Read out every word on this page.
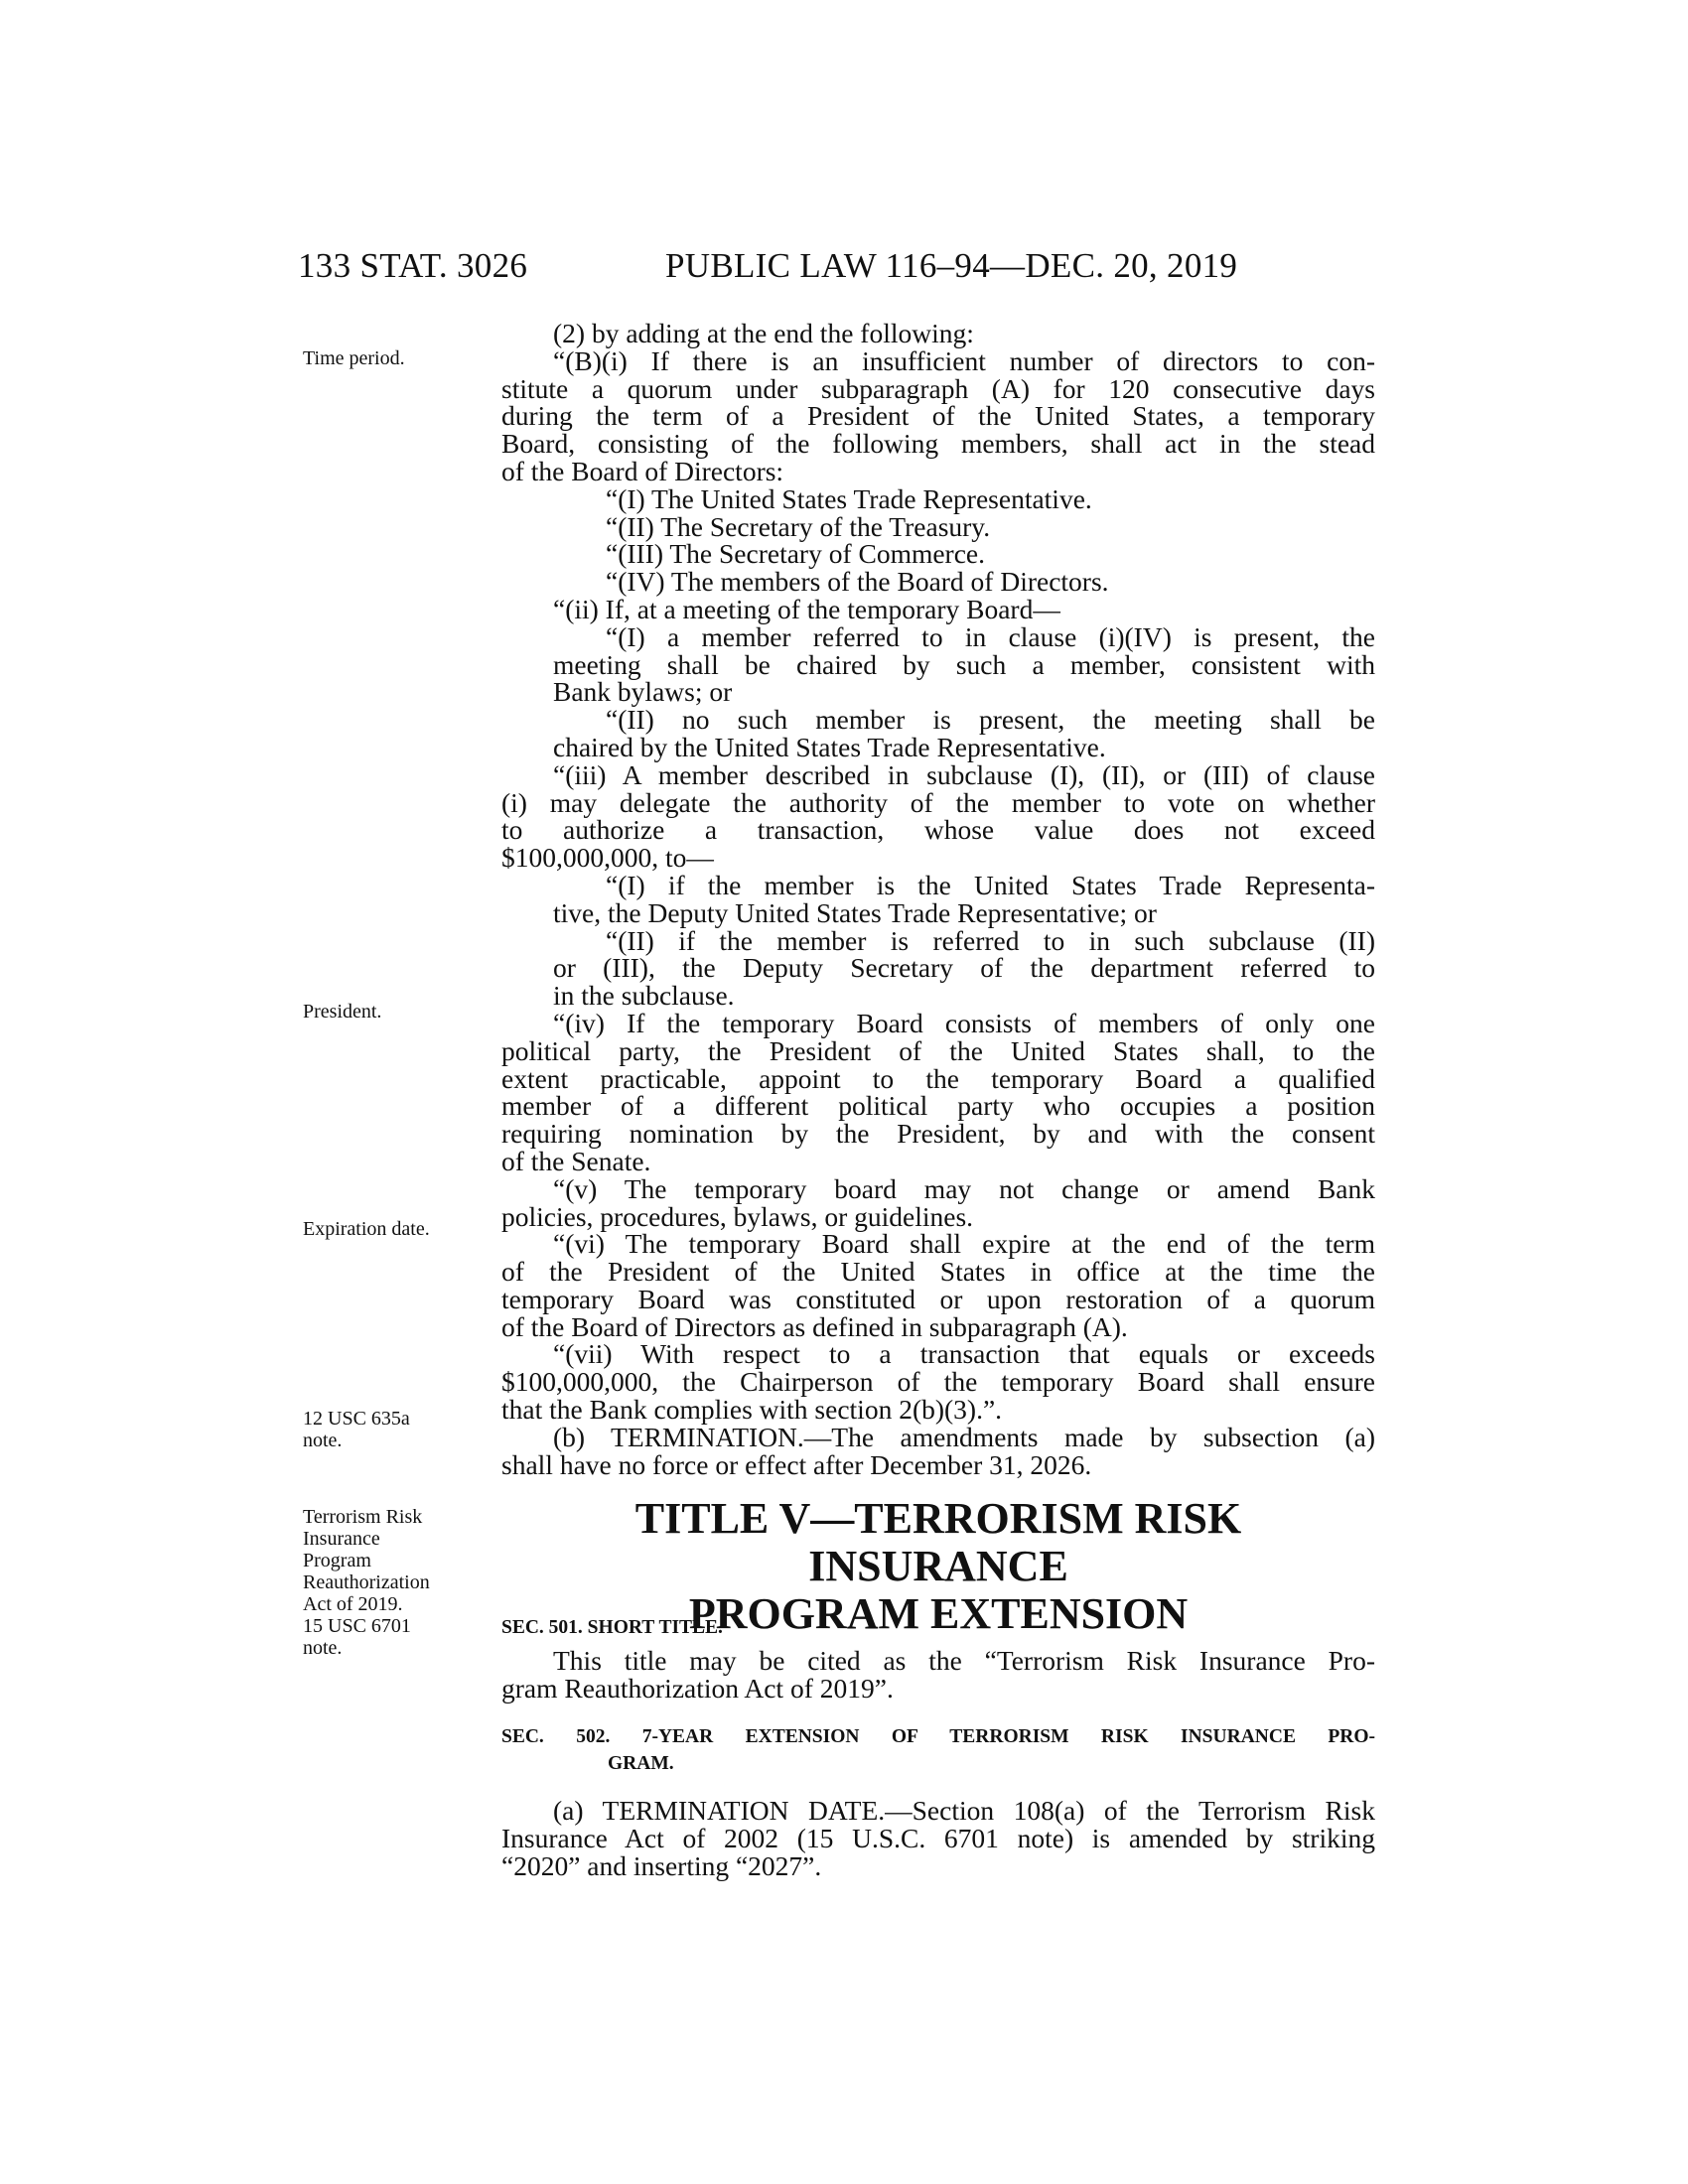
133 STAT. 3026	PUBLIC LAW 116–94—DEC. 20, 2019
Time period.
President.
Expiration date.
12 USC 635a
note.
Terrorism Risk
Insurance
Program
Reauthorization
Act of 2019.
15 USC 6701
note.
(2) by adding at the end the following:
“(B)(i) If there is an insufficient number of directors to con-
stitute a quorum under subparagraph (A) for 120 consecutive days
during the term of a President of the United States, a temporary
Board, consisting of the following members, shall act in the stead
of the Board of Directors:
“(I) The United States Trade Representative.
“(II) The Secretary of the Treasury.
“(III) The Secretary of Commerce.
“(IV) The members of the Board of Directors.
“(ii) If, at a meeting of the temporary Board—
“(I) a member referred to in clause (i)(IV) is present, the
meeting shall be chaired by such a member, consistent with
Bank bylaws; or
“(II) no such member is present, the meeting shall be
chaired by the United States Trade Representative.
“(iii) A member described in subclause (I), (II), or (III) of clause
(i) may delegate the authority of the member to vote on whether
to authorize a transaction, whose value does not exceed
$100,000,000, to—
“(I) if the member is the United States Trade Representa-
tive, the Deputy United States Trade Representative; or
“(II) if the member is referred to in such subclause (II)
or (III), the Deputy Secretary of the department referred to
in the subclause.
“(iv) If the temporary Board consists of members of only one
political party, the President of the United States shall, to the
extent practicable, appoint to the temporary Board a qualified
member of a different political party who occupies a position
requiring nomination by the President, by and with the consent
of the Senate.
“(v) The temporary board may not change or amend Bank
policies, procedures, bylaws, or guidelines.
“(vi) The temporary Board shall expire at the end of the term
of the President of the United States in office at the time the
temporary Board was constituted or upon restoration of a quorum
of the Board of Directors as defined in subparagraph (A).
“(vii) With respect to a transaction that equals or exceeds
$100,000,000, the Chairperson of the temporary Board shall ensure
that the Bank complies with section 2(b)(3).”.
(b) TERMINATION.—The amendments made by subsection (a)
shall have no force or effect after December 31, 2026.
TITLE V—TERRORISM RISK INSURANCE
PROGRAM EXTENSION
SEC. 501. SHORT TITLE.
This title may be cited as the “Terrorism Risk Insurance Pro-
gram Reauthorization Act of 2019”.
SEC. 502. 7-YEAR EXTENSION OF TERRORISM RISK INSURANCE PRO-
GRAM.
(a) TERMINATION DATE.—Section 108(a) of the Terrorism Risk
Insurance Act of 2002 (15 U.S.C. 6701 note) is amended by striking
“2020” and inserting “2027”.
